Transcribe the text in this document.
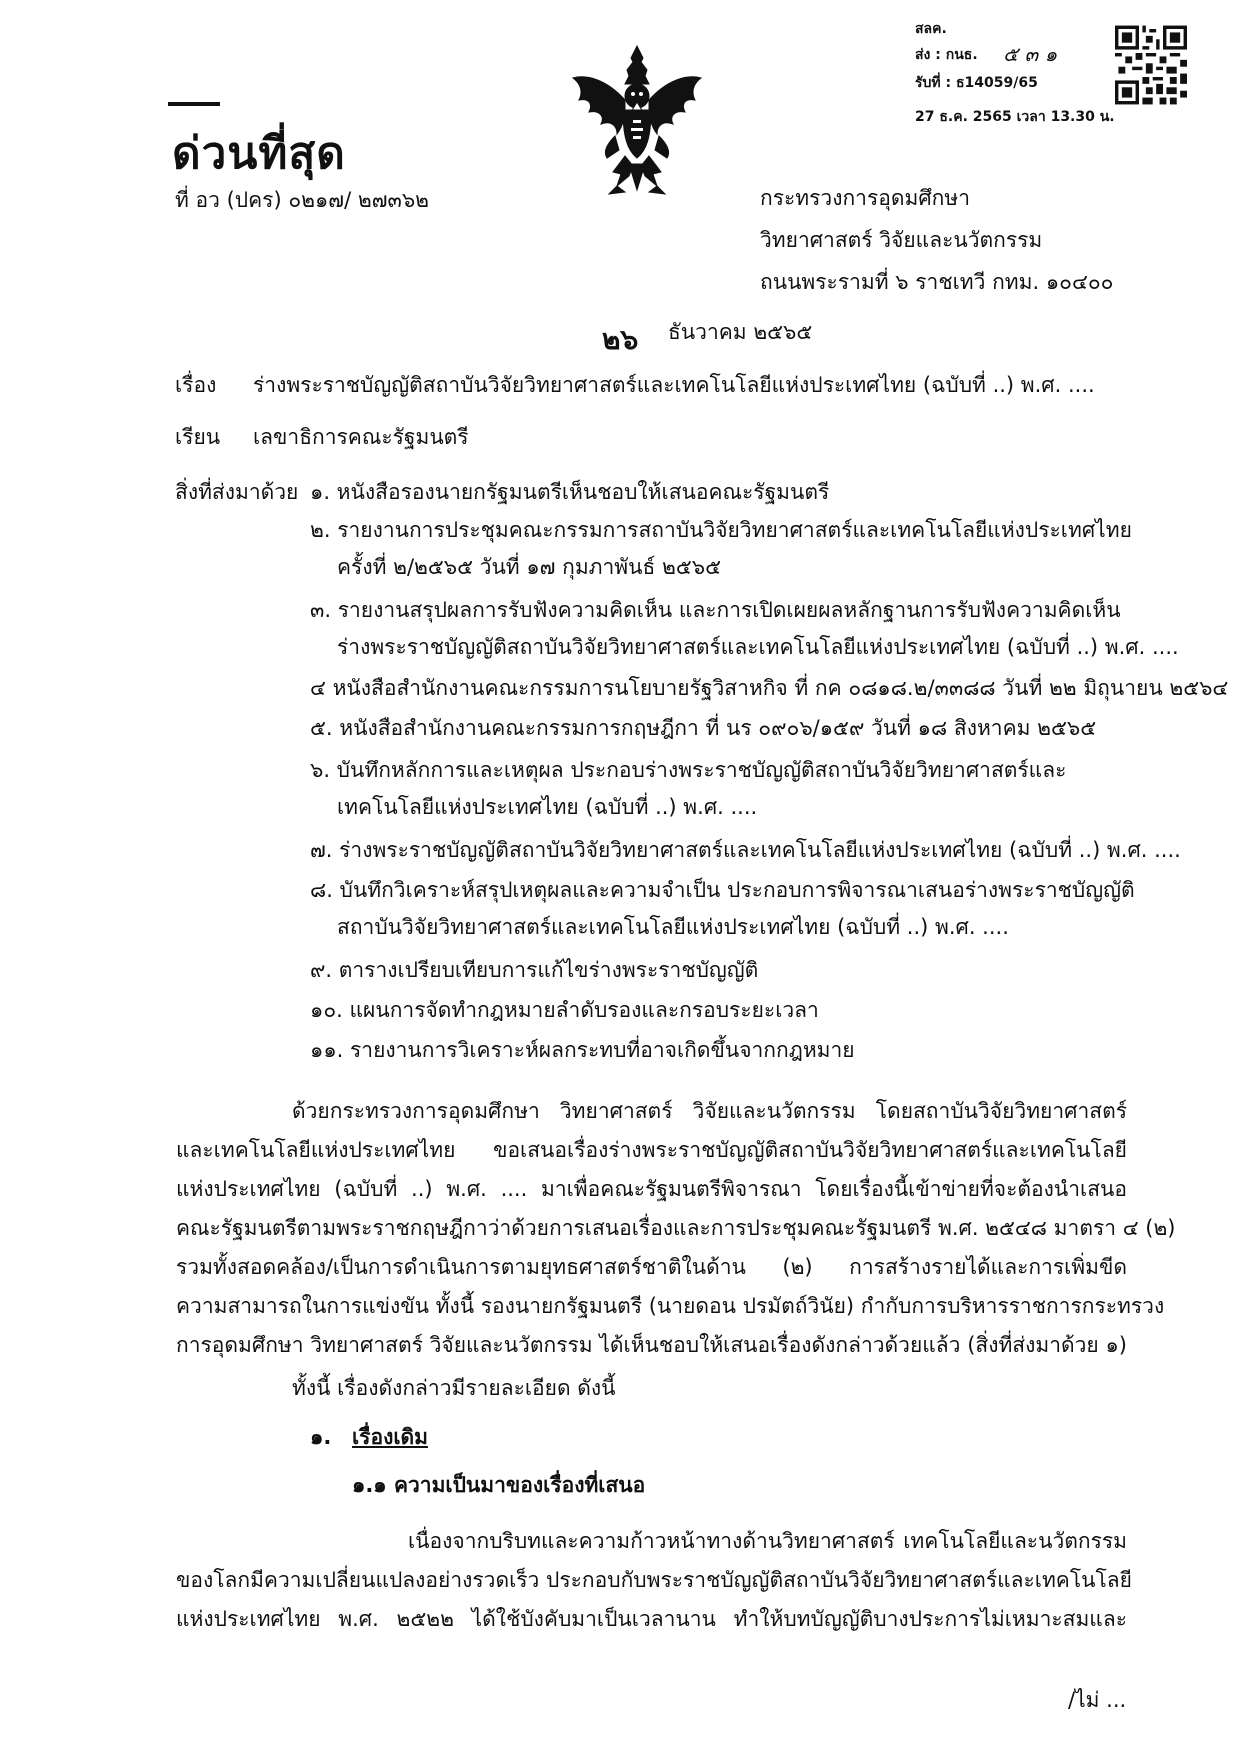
สลค.
ส่ง : กนธ. ๕ ๓ ๑
รับที่ : ธ14059/65
27 ธ.ค. 2565 เวลา 13.30 น.
ด่วนที่สุด
ที่ อว (ปคร) ๐๒๑๗/ ๒๗๓๖๒	กระทรวงการอุดมศึกษา
วิทยาศาสตร์ วิจัยและนวัตกรรม
ถนนพระรามที่ ๖ ราชเทวี กทม. ๑๐๔๐๐
๒๖ ธันวาคม ๒๕๖๕
เรื่อง ร่างพระราชบัญญัติสถาบันวิจัยวิทยาศาสตร์และเทคโนโลยีแห่งประเทศไทย (ฉบับที่ ..) พ.ศ. ....
เรียน เลขาธิการคณะรัฐมนตรี
สิ่งที่ส่งมาด้วย ๑. หนังสือรองนายกรัฐมนตรีเห็นชอบให้เสนอคณะรัฐมนตรี
๒. รายงานการประชุมคณะกรรมการสถาบันวิจัยวิทยาศาสตร์และเทคโนโลยีแห่งประเทศไทย
ครั้งที่ ๒/๒๕๖๕ วันที่ ๑๗ กุมภาพันธ์ ๒๕๖๕
๓. รายงานสรุปผลการรับฟังความคิดเห็น และการเปิดเผยผลหลักฐานการรับฟังความคิดเห็น
ร่างพระราชบัญญัติสถาบันวิจัยวิทยาศาสตร์และเทคโนโลยีแห่งประเทศไทย (ฉบับที่ ..) พ.ศ. ....
๔ หนังสือสำนักงานคณะกรรมการนโยบายรัฐวิสาหกิจ ที่ กค ๐๘๑๘.๒/๓๓๘๘ วันที่ ๒๒ มิถุนายน ๒๕๖๔
๕. หนังสือสำนักงานคณะกรรมการกฤษฎีกา ที่ นร ๐๙๐๖/๑๕๙ วันที่ ๑๘ สิงหาคม ๒๕๖๕
๖. บันทึกหลักการและเหตุผล ประกอบร่างพระราชบัญญัติสถาบันวิจัยวิทยาศาสตร์และ
เทคโนโลยีแห่งประเทศไทย (ฉบับที่ ..) พ.ศ. ....
๗. ร่างพระราชบัญญัติสถาบันวิจัยวิทยาศาสตร์และเทคโนโลยีแห่งประเทศไทย (ฉบับที่ ..) พ.ศ. ....
๘. บันทึกวิเคราะห์สรุปเหตุผลและความจำเป็น ประกอบการพิจารณาเสนอร่างพระราชบัญญัติ
สถาบันวิจัยวิทยาศาสตร์และเทคโนโลยีแห่งประเทศไทย (ฉบับที่ ..) พ.ศ. ....
๙. ตารางเปรียบเทียบการแก้ไขร่างพระราชบัญญัติ
๑๐. แผนการจัดทำกฎหมายลำดับรองและกรอบระยะเวลา
๑๑. รายงานการวิเคราะห์ผลกระทบที่อาจเกิดขึ้นจากกฎหมาย
ด้วยกระทรวงการอุดมศึกษา วิทยาศาสตร์ วิจัยและนวัตกรรม โดยสถาบันวิจัยวิทยาศาสตร์
และเทคโนโลยีแห่งประเทศไทย ขอเสนอเรื่องร่างพระราชบัญญัติสถาบันวิจัยวิทยาศาสตร์และเทคโนโลยี
แห่งประเทศไทย (ฉบับที่ ..) พ.ศ. .... มาเพื่อคณะรัฐมนตรีพิจารณา โดยเรื่องนี้เข้าข่ายที่จะต้องนำเสนอ
คณะรัฐมนตรีตามพระราชกฤษฎีกาว่าด้วยการเสนอเรื่องและการประชุมคณะรัฐมนตรี พ.ศ. ๒๕๔๘ มาตรา ๔ (๒)
รวมทั้งสอดคล้อง/เป็นการดำเนินการตามยุทธศาสตร์ชาติในด้าน (๒) การสร้างรายได้และการเพิ่มขีด
ความสามารถในการแข่งขัน ทั้งนี้ รองนายกรัฐมนตรี (นายดอน ปรมัตถ์วินัย) กำกับการบริหารราชการกระทรวง
การอุดมศึกษา วิทยาศาสตร์ วิจัยและนวัตกรรม ได้เห็นชอบให้เสนอเรื่องดังกล่าวด้วยแล้ว (สิ่งที่ส่งมาด้วย ๑)
ทั้งนี้ เรื่องดังกล่าวมีรายละเอียด ดังนี้
๑. เรื่องเดิม
๑.๑ ความเป็นมาของเรื่องที่เสนอ
เนื่องจากบริบทและความก้าวหน้าทางด้านวิทยาศาสตร์ เทคโนโลยีและนวัตกรรม
ของโลกมีความเปลี่ยนแปลงอย่างรวดเร็ว ประกอบกับพระราชบัญญัติสถาบันวิจัยวิทยาศาสตร์และเทคโนโลยี
แห่งประเทศไทย พ.ศ. ๒๕๒๒ ได้ใช้บังคับมาเป็นเวลานาน ทำให้บทบัญญัติบางประการไม่เหมาะสมและ
/ไม่ ...
